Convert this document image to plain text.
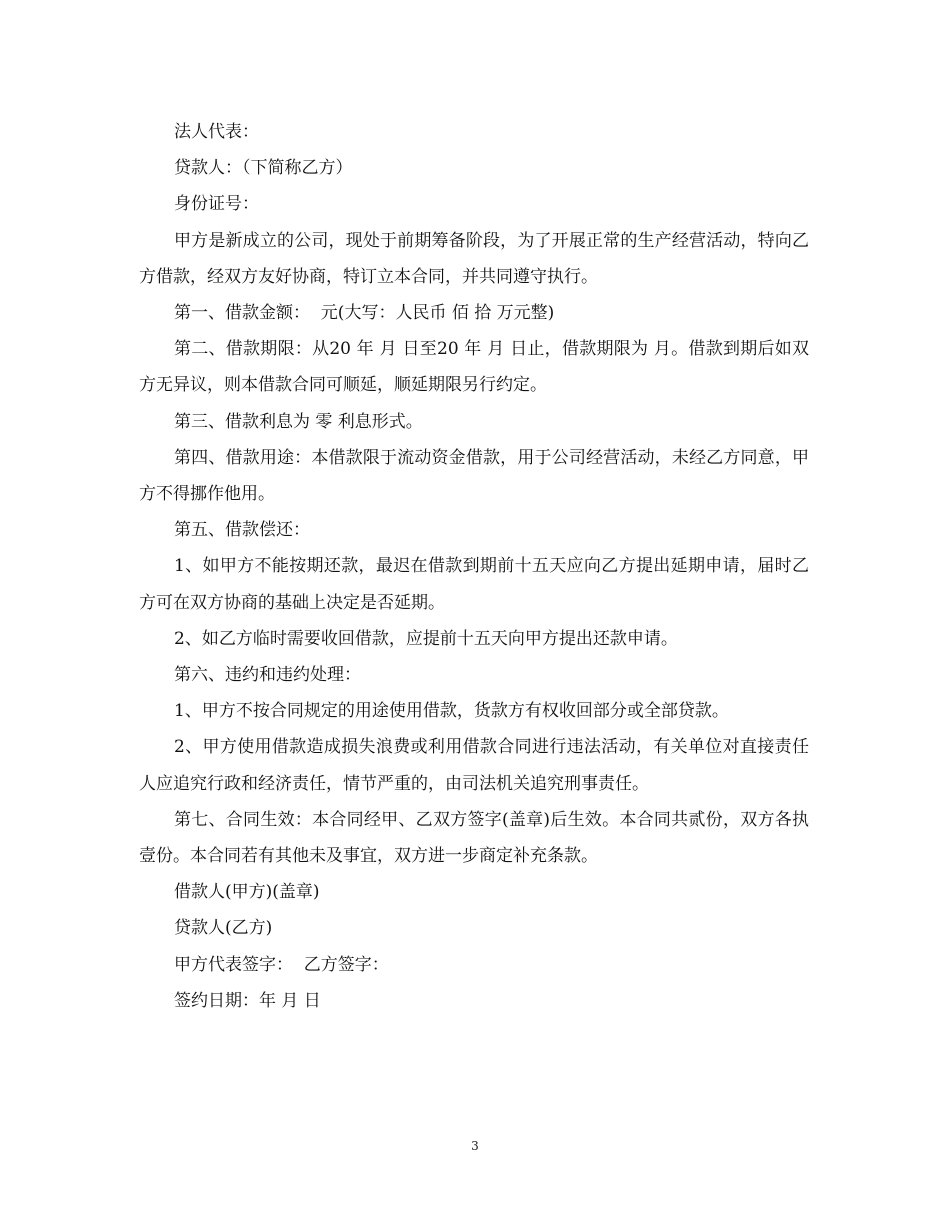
法人代表：

贷款人：（下简称乙方）

身份证号：

甲方是新成立的公司，现处于前期筹备阶段，为了开展正常的生产经营活动，特向乙方借款，经双方友好协商，特订立本合同，并共同遵守执行。

第一、借款金额：  元(大写：人民币 佰 拾 万元整)

第二、借款期限：从20 年 月 日至20 年 月 日止，借款期限为 月。借款到期后如双方无异议，则本借款合同可顺延，顺延期限另行约定。

第三、借款利息为 零 利息形式。

第四、借款用途：本借款限于流动资金借款，用于公司经营活动，未经乙方同意，甲方不得挪作他用。

第五、借款偿还：

1、如甲方不能按期还款，最迟在借款到期前十五天应向乙方提出延期申请，届时乙方可在双方协商的基础上决定是否延期。

2、如乙方临时需要收回借款，应提前十五天向甲方提出还款申请。

第六、违约和违约处理：

1、甲方不按合同规定的用途使用借款，货款方有权收回部分或全部贷款。

2、甲方使用借款造成损失浪费或利用借款合同进行违法活动，有关单位对直接责任人应追究行政和经济责任，情节严重的，由司法机关追究刑事责任。

第七、合同生效：本合同经甲、乙双方签字(盖章)后生效。本合同共贰份，双方各执壹份。本合同若有其他未及事宜，双方进一步商定补充条款。

借款人(甲方)(盖章)

贷款人(乙方)

甲方代表签字：  乙方签字：

签约日期：年 月 日

3
